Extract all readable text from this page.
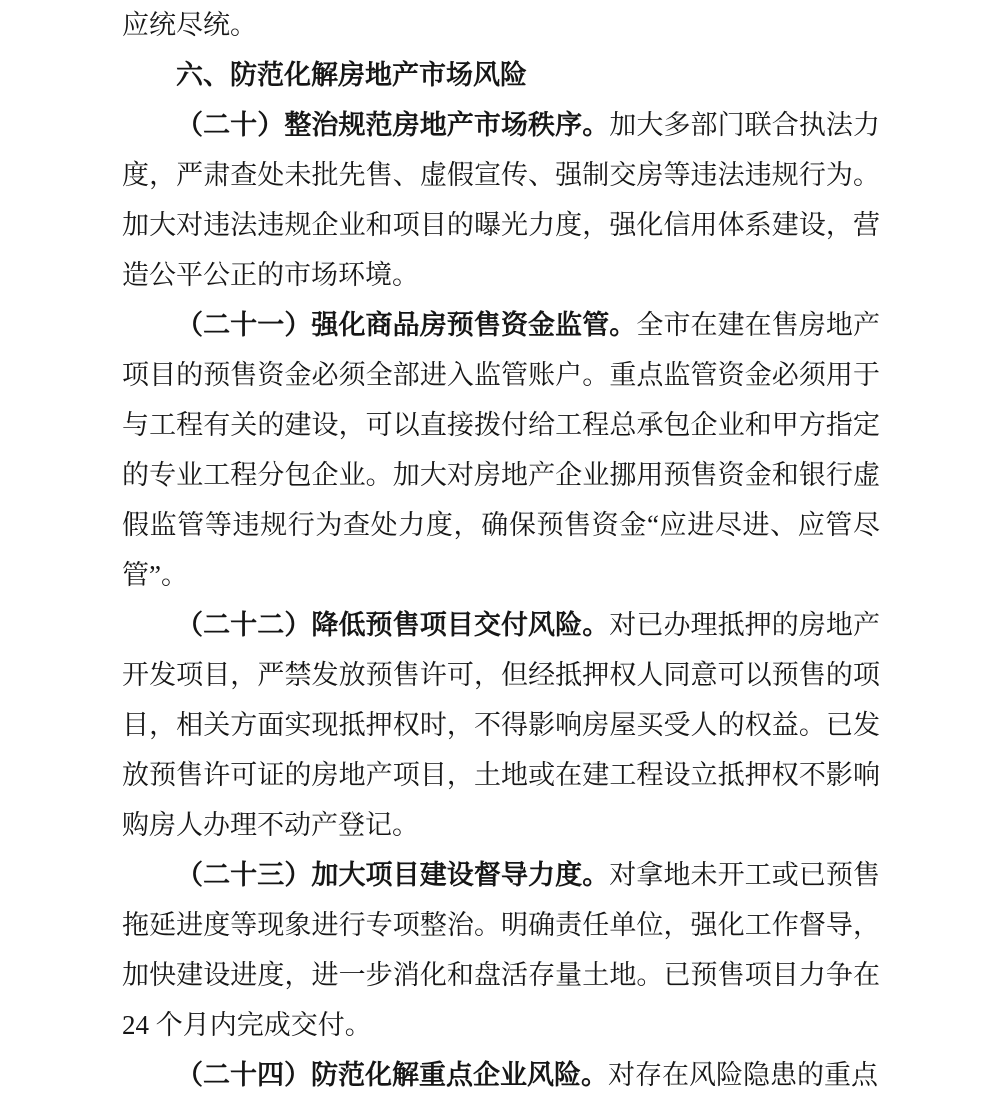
应统尽统。

六、防范化解房地产市场风险

（二十）整治规范房地产市场秩序。加大多部门联合执法力度，严肃查处未批先售、虚假宣传、强制交房等违法违规行为。加大对违法违规企业和项目的曝光力度，强化信用体系建设，营造公平公正的市场环境。

（二十一）强化商品房预售资金监管。全市在建在售房地产项目的预售资金必须全部进入监管账户。重点监管资金必须用于与工程有关的建设，可以直接拨付给工程总承包企业和甲方指定的专业工程分包企业。加大对房地产企业挪用预售资金和银行虚假监管等违规行为查处力度，确保预售资金“应进尽进、应管尽管”。

（二十二）降低预售项目交付风险。对已办理抵押的房地产开发项目，严禁发放预售许可，但经抵押权人同意可以预售的项目，相关方面实现抵押权时，不得影响房屋买受人的权益。已发放预售许可证的房地产项目，土地或在建工程设立抵押权不影响购房人办理不动产登记。

（二十三）加大项目建设督导力度。对拿地未开工或已预售拖延进度等现象进行专项整治。明确责任单位，强化工作督导，加快建设进度，进一步消化和盘活存量土地。已预售项目力争在 24 个月内完成交付。

（二十四）防范化解重点企业风险。对存在风险隐患的重点
